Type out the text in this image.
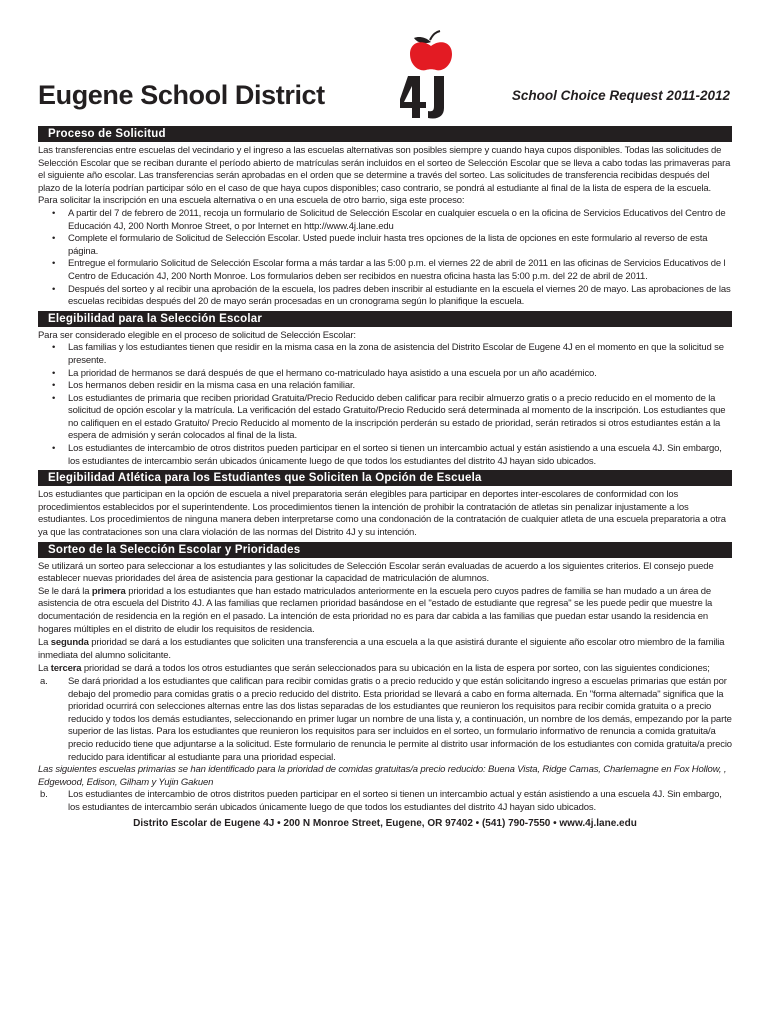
Eugene School District	School Choice Request 2011-2012
Proceso de Solicitud

Las transferencias entre escuelas del vecindario y el ingreso a las escuelas alternativas son posibles siempre y cuando haya cupos disponibles. Todas las solicitudes de Selección Escolar que se reciban durante el período abierto de matrículas serán incluidos en el sorteo de Selección Escolar que se lleva a cabo todas las primaveras para el siguiente año escolar. Las transferencias serán aprobadas en el orden que se determine a través del sorteo. Las solicitudes de transferencia recibidas después del plazo de la lotería podrían participar sólo en el caso de que haya cupos disponibles; caso contrario, se pondrá al estudiante al final de la lista de espera de la escuela.

Para solicitar la inscripción en una escuela alternativa o en una escuela de otro barrio, siga este proceso:

• A partir del 7 de febrero de 2011, recoja un formulario de Solicitud de Selección Escolar en cualquier escuela o en la oficina de Servicios Educativos del Centro de Educación 4J, 200 North Monroe Street, o por Internet en http://www.4j.lane.edu
• Complete el formulario de Solicitud de Selección Escolar. Usted puede incluir hasta tres opciones de la lista de opciones en este formulario al reverso de esta página.
• Entregue el formulario Solicitud de Selección Escolar forma a más tardar a las 5:00 p.m. el viernes 22 de abril de 2011 en las oficinas de Servicios Educativos de l Centro de Educación 4J, 200 North Monroe. Los formularios deben ser recibidos en nuestra oficina hasta las 5:00 p.m. del 22 de abril de 2011.
• Después del sorteo y al recibir una aprobación de la escuela, los padres deben inscribir al estudiante en la escuela el viernes 20 de mayo. Las aprobaciones de las escuelas recibidas después del 20 de mayo serán procesadas en un cronograma según lo planifique la escuela.
Elegibilidad para la Selección Escolar

Para ser considerado elegible en el proceso de solicitud de Selección Escolar:

• Las familias y los estudiantes tienen que residir en la misma casa en la zona de asistencia del Distrito Escolar de Eugene 4J en el momento en que la solicitud se presente.
• La prioridad de hermanos se dará después de que el hermano co-matriculado haya asistido a una escuela por un año académico.
• Los hermanos deben residir en la misma casa en una relación familiar.
• Los estudiantes de primaria que reciben prioridad Gratuita/Precio Reducido deben calificar para recibir almuerzo gratis o a precio reducido en el momento de la solicitud de opción escolar y la matrícula. La verificación del estado Gratuito/Precio Reducido será determinada al momento de la inscripción. Los estudiantes que no califiquen en el estado Gratuito/ Precio Reducido al momento de la inscripción perderán su estado de prioridad, serán retirados si otros estudiantes están a la espera de admisión y serán colocados al final de la lista.
• Los estudiantes de intercambio de otros distritos pueden participar en el sorteo si tienen un intercambio actual y están asistiendo a una escuela 4J. Sin embargo, los estudiantes de intercambio serán ubicados únicamente luego de que todos los estudiantes del distrito 4J hayan sido ubicados.
Elegibilidad Atlética para los Estudiantes que Soliciten la Opción de Escuela

Los estudiantes que participan en la opción de escuela a nivel preparatoria serán elegibles para participar en deportes inter-escolares de conformidad con los procedimientos establecidos por el superintendente. Los procedimientos tienen la intención de prohibir la contratación de atletas sin penalizar injustamente a los estudiantes. Los procedimientos de ninguna manera deben interpretarse como una condonación de la contratación de cualquier atleta de una escuela preparatoria a otra ya que las contrataciones son una clara violación de las normas del Distrito 4J y su intención.

Sorteo de la Selección Escolar y Prioridades

Se utilizará un sorteo para seleccionar a los estudiantes y las solicitudes de Selección Escolar serán evaluadas de acuerdo a los siguientes criterios. El consejo puede establecer nuevas prioridades del área de asistencia para gestionar la capacidad de matriculación de alumnos.

Se le dará la primera prioridad a los estudiantes que han estado matriculados anteriormente en la escuela pero cuyos padres de familia se han mudado a un área de asistencia de otra escuela del Distrito 4J. A las familias que reclamen prioridad basándose en el "estado de estudiante que regresa" se les puede pedir que muestre la documentación de residencia en la región en el pasado. La intención de esta prioridad no es para dar cabida a las familias que puedan estar usando la residencia en hogares múltiples en el distrito de eludir los requisitos de residencia.

La segunda prioridad se dará a los estudiantes que soliciten una transferencia a una escuela a la que asistirá durante el siguiente año escolar otro miembro de la familia inmediata del alumno solicitante.

La tercera prioridad se dará a todos los otros estudiantes que serán seleccionados para su ubicación en la lista de espera por sorteo, con las siguientes condiciones;

a. Se dará prioridad a los estudiantes que califican para recibir comidas gratis o a precio reducido y que están solicitando ingreso a escuelas primarias que están por debajo del promedio para comidas gratis o a precio reducido del distrito. Esta prioridad se llevará a cabo en forma alternada. En "forma alternada" significa que la prioridad ocurrirá con selecciones alternas entre las dos listas separadas de los estudiantes que reunieron los requisitos para recibir comida gratuita o a precio reducido y todos los demás estudiantes, seleccionando en primer lugar un nombre de una lista y, a continuación, un nombre de los demás, empezando por la parte superior de las listas. Para los estudiantes que reunieron los requisitos para ser incluidos en el sorteo, un formulario informativo de renuncia a comida gratuita/a precio reducido tiene que adjuntarse a la solicitud. Este formulario de renuncia le permite al distrito usar información de los estudiantes con comida gratuita/a precio reducido para identificar al estudiante para una prioridad especial.

Las siguientes escuelas primarias se han identificado para la prioridad de comidas gratuitas/a precio reducido: Buena Vista, Ridge Camas, Charlemagne en Fox Hollow, , Edgewood, Edison, Gilham y Yujin Gakuen

b. Los estudiantes de intercambio de otros distritos pueden participar en el sorteo si tienen un intercambio actual y están asistiendo a una escuela 4J. Sin embargo, los estudiantes de intercambio serán ubicados únicamente luego de que todos los estudiantes del distrito 4J hayan sido ubicados.
Distrito Escolar de Eugene 4J • 200 N Monroe Street, Eugene, OR 97402 • (541) 790-7550 • www.4j.lane.edu
